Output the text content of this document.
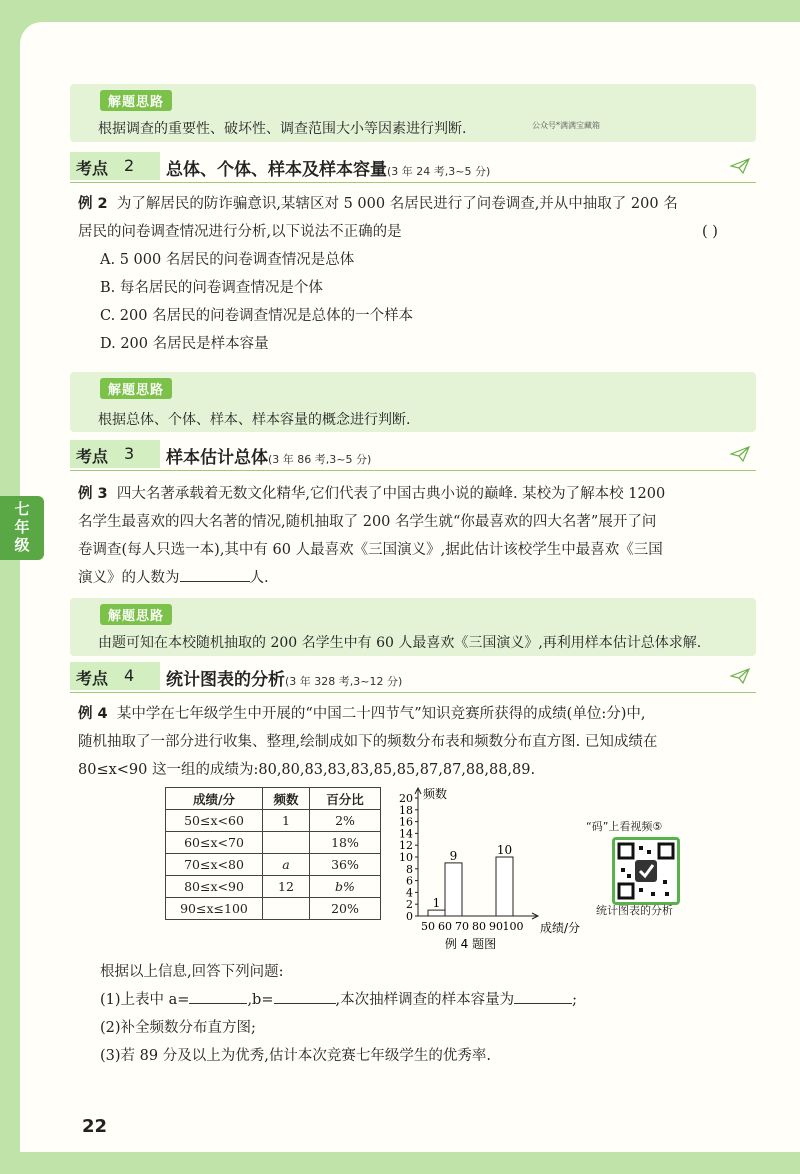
七
年
级
解题思路
根据调查的重要性、破坏性、调查范围大小等因素进行判断.	公众号*满满宝藏箱
考点 2 总体、个体、样本及样本容量(3 年 24 考,3~5 分)
例 2 为了解居民的防诈骗意识,某辖区对 5 000 名居民进行了问卷调查,并从中抽取了 200 名
居民的问卷调查情况进行分析,以下说法不正确的是	( )
A. 5 000 名居民的问卷调查情况是总体
B. 每名居民的问卷调查情况是个体
C. 200 名居民的问卷调查情况是总体的一个样本
D. 200 名居民是样本容量
解题思路
根据总体、个体、样本、样本容量的概念进行判断.
考点 3 样本估计总体(3 年 86 考,3~5 分)
例 3 四大名著承载着无数文化精华,它们代表了中国古典小说的巅峰. 某校为了解本校 1200
名学生最喜欢的四大名著的情况,随机抽取了 200 名学生就“你最喜欢的四大名著”展开了问
卷调查(每人只选一本),其中有 60 人最喜欢《三国演义》,据此估计该校学生中最喜欢《三国
演义》的人数为	人.
解题思路
由题可知在本校随机抽取的 200 名学生中有 60 人最喜欢《三国演义》,再利用样本估计总体求解.
考点 4 统计图表的分析(3 年 328 考,3~12 分)
例 4 某中学在七年级学生中开展的“中国二十四节气”知识竞赛所获得的成绩(单位:分)中,
随机抽取了一部分进行收集、整理,绘制成如下的频数分布表和频数分布直方图. 已知成绩在
80≤x<90 这一组的成绩为:80,80,83,83,83,85,85,87,87,88,88,89.
成绩/分	频数	百分比
50≤x<60	1	2%
60≤x<70		18%
70≤x<80	a	36%
80≤x<90	12	b%
90≤x≤100		20%
0
2
4
6
8
10
12
14
16
18
20 频数
50 60 70 80 90 100 成绩/分
1
9	10
例 4 题图
“码”上看视频⑤
统计图表的分析
根据以上信息,回答下列问题:
(1)上表中 a=	,b=	,本次抽样调查的样本容量为	;
(2)补全频数分布直方图;
(3)若 89 分及以上为优秀,估计本次竞赛七年级学生的优秀率.
22
